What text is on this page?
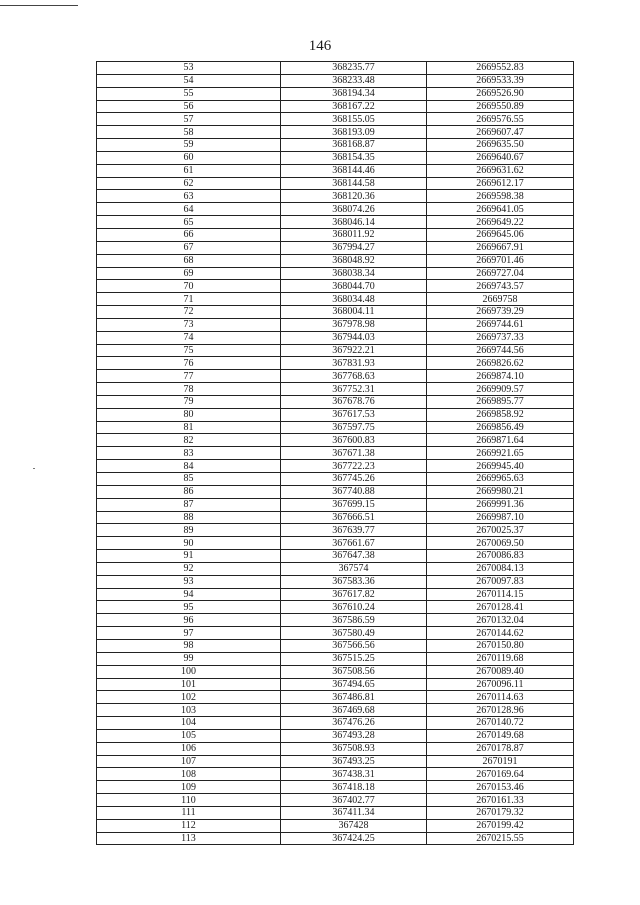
146
53	368235.77	2669552.83
54	368233.48	2669533.39
55	368194.34	2669526.90
56	368167.22	2669550.89
57	368155.05	2669576.55
58	368193.09	2669607.47
59	368168.87	2669635.50
60	368154.35	2669640.67
61	368144.46	2669631.62
62	368144.58	2669612.17
63	368120.36	2669598.38
64	368074.26	2669641.05
65	368046.14	2669649.22
66	368011.92	2669645.06
67	367994.27	2669667.91
68	368048.92	2669701.46
69	368038.34	2669727.04
70	368044.70	2669743.57
71	368034.48	2669758
72	368004.11	2669739.29
73	367978.98	2669744.61
74	367944.03	2669737.33
75	367922.21	2669744.56
76	367831.93	2669826.62
77	367768.63	2669874.10
78	367752.31	2669909.57
79	367678.76	2669895.77
80	367617.53	2669858.92
81	367597.75	2669856.49
82	367600.83	2669871.64
83	367671.38	2669921.65
84	367722.23	2669945.40
85	367745.26	2669965.63
86	367740.88	2669980.21
87	367699.15	2669991.36
88	367666.51	2669987.10
89	367639.77	2670025.37
90	367661.67	2670069.50
91	367647.38	2670086.83
92	367574	2670084.13
93	367583.36	2670097.83
94	367617.82	2670114.15
95	367610.24	2670128.41
96	367586.59	2670132.04
97	367580.49	2670144.62
98	367566.56	2670150.80
99	367515.25	2670119.68
100	367508.56	2670089.40
101	367494.65	2670096.11
102	367486.81	2670114.63
103	367469.68	2670128.96
104	367476.26	2670140.72
105	367493.28	2670149.68
106	367508.93	2670178.87
107	367493.25	2670191
108	367438.31	2670169.64
109	367418.18	2670153.46
110	367402.77	2670161.33
111	367411.34	2670179.32
112	367428	2670199.42
113	367424.25	2670215.55
